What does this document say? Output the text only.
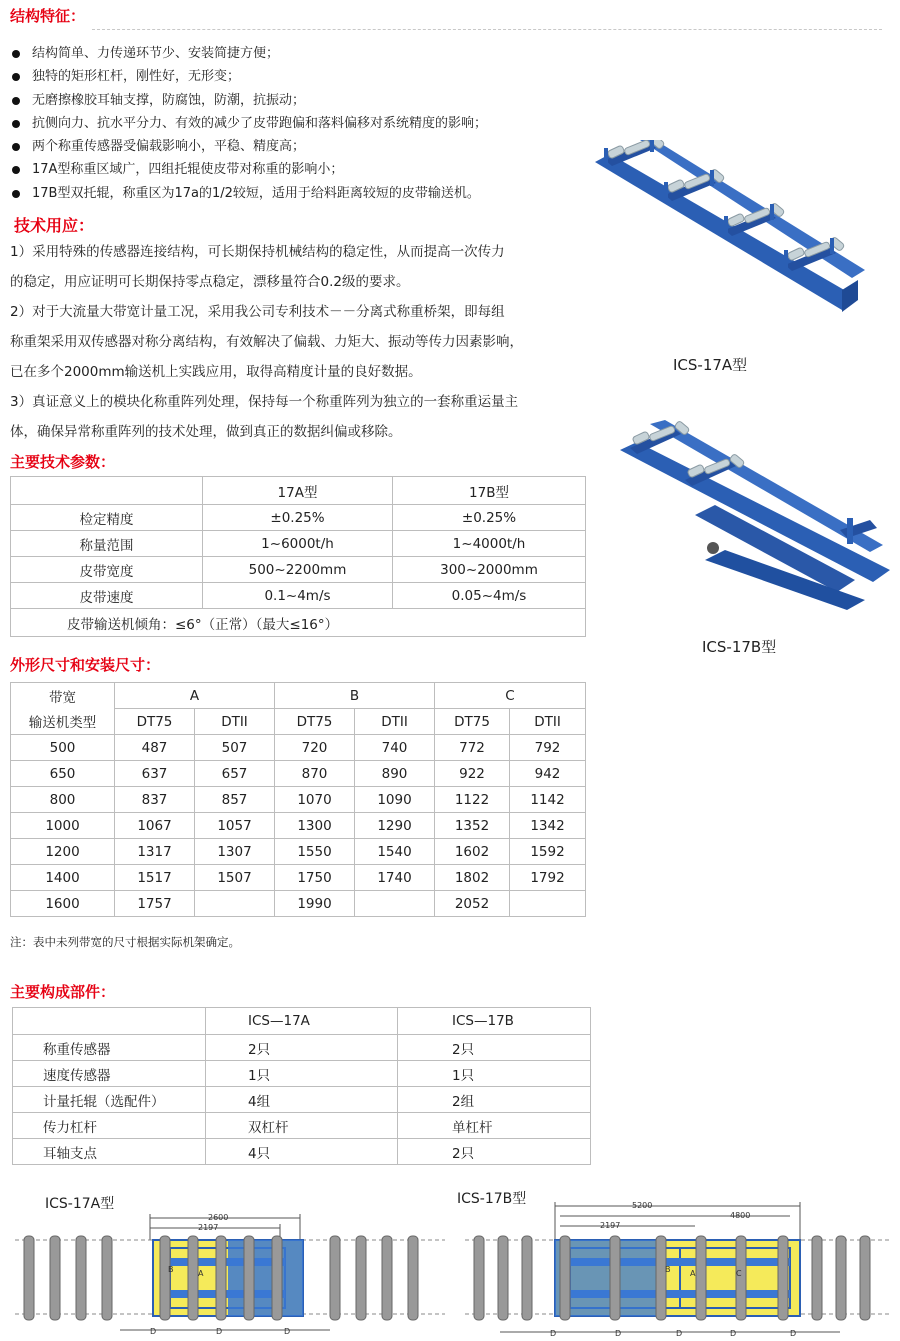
结构特征：
结构简单、力传递环节少、安装简捷方便；
独特的矩形杠杆，刚性好，无形变；
无磨擦橡胶耳轴支撑，防腐蚀，防潮，抗振动；
抗侧向力、抗水平分力、有效的减少了皮带跑偏和落料偏移对系统精度的影响；
两个称重传感器受偏载影响小，平稳、精度高；
17A型称重区域广，四组托辊使皮带对称重的影响小；
17B型双托辊，称重区为17a的1/2较短，适用于给料距离较短的皮带输送机。
技术用应：
1）采用特殊的传感器连接结构，可长期保持机械结构的稳定性，从而提高一次传力
的稳定，用应证明可长期保持零点稳定，漂移量符合0.2级的要求。
2）对于大流量大带宽计量工况，采用我公司专利技术－－分离式称重桥架，即每组
称重架采用双传感器对称分离结构，有效解决了偏载、力矩大、振动等传力因素影响，
已在多个2000mm输送机上实践应用，取得高精度计量的良好数据。
3）真证意义上的模块化称重阵列处理，保持每一个称重阵列为独立的一套称重运量主
体，确保异常称重阵列的技术处理，做到真正的数据纠偏或移除。
主要技术参数：
	17A型	17B型
检定精度	±0.25%	±0.25%
称量范围	1~6000t/h	1~4000t/h
皮带宽度	500~2200mm	300~2000mm
皮带速度	0.1~4m/s	0.05~4m/s
皮带输送机倾角：≤6°（正常）（最大≤16°）		
外形尺寸和安装尺寸：
带宽	A		B		C	
输送机类型	DT75	DTII	DT75	DTII	DT75	DTII
500	487	507	720	740	772	792
650	637	657	870	890	922	942
800	837	857	1070	1090	1122	1142
1000	1067	1057	1300	1290	1352	1342
1200	1317	1307	1550	1540	1602	1592
1400	1517	1507	1750	1740	1802	1792
1600	1757		1990		2052	
注：表中未列带宽的尺寸根据实际机架确定。
主要构成部件：
	ICS—17A	ICS—17B
称重传感器	2只	2只
速度传感器	1只	1只
计量托辊（选配件）	4组	2组
传力杠杆	双杠杆	单杠杆
耳轴支点	4只	2只
ICS-17A型
ICS-17B型
ICS-17A型
2600
2197
B	A
D	D	D
ICS-17B型	5200
4800
2197
B A	C
D	D	D	D	D
